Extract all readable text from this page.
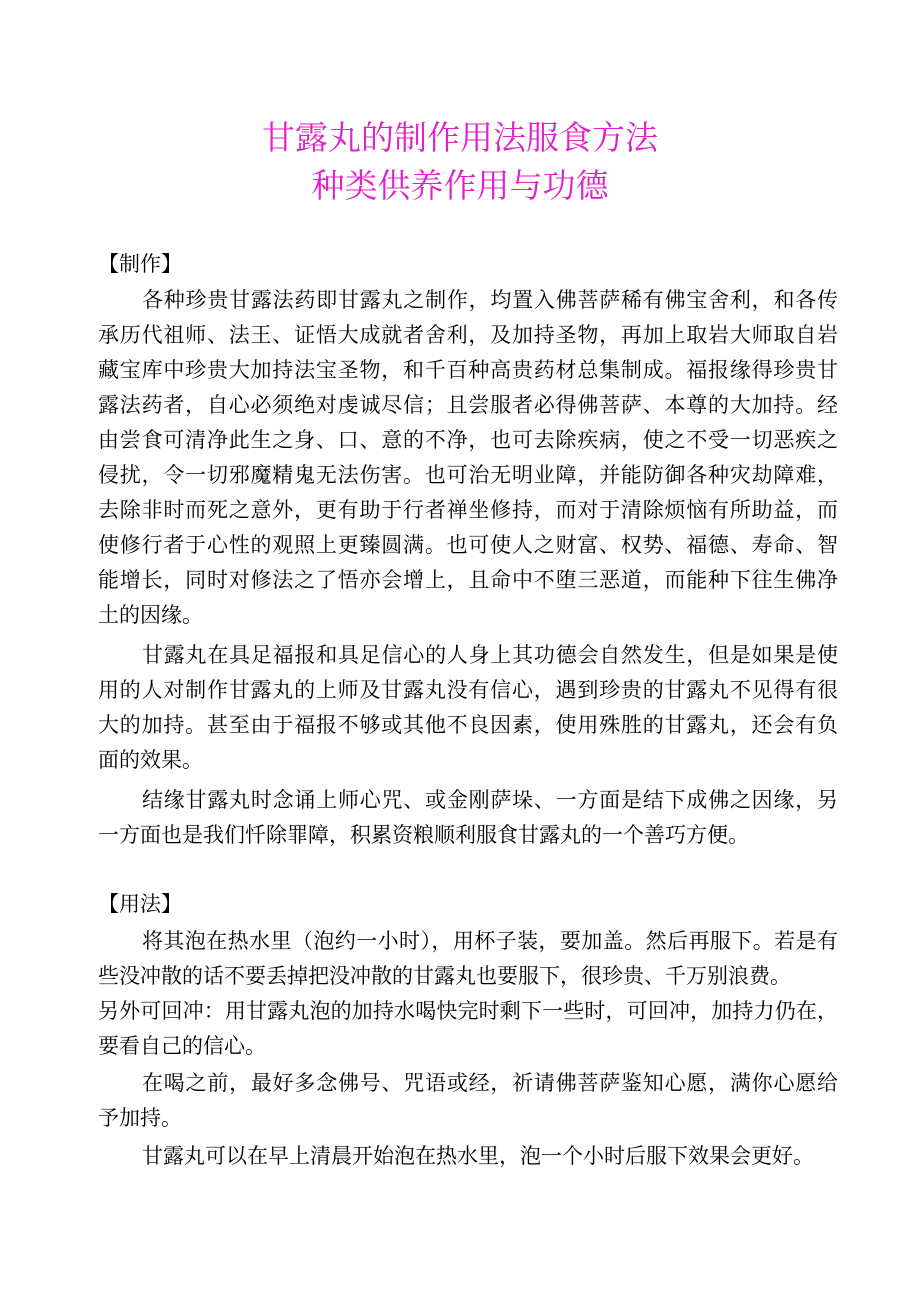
甘露丸的制作用法服食方法
种类供养作用与功德
【制作】
各种珍贵甘露法药即甘露丸之制作，均置入佛菩萨稀有佛宝舍利，和各传
承历代祖师、法王、证悟大成就者舍利，及加持圣物，再加上取岩大师取自岩
藏宝库中珍贵大加持法宝圣物，和千百种高贵药材总集制成。福报缘得珍贵甘
露法药者，自心必须绝对虔诚尽信；且尝服者必得佛菩萨、本尊的大加持。经
由尝食可清净此生之身、口、意的不净，也可去除疾病，使之不受一切恶疾之
侵扰，令一切邪魔精鬼无法伤害。也可治无明业障，并能防御各种灾劫障难，
去除非时而死之意外，更有助于行者禅坐修持，而对于清除烦恼有所助益，而
使修行者于心性的观照上更臻圆满。也可使人之财富、权势、福德、寿命、智
能增长，同时对修法之了悟亦会增上，且命中不堕三恶道，而能种下往生佛净
土的因缘。
甘露丸在具足福报和具足信心的人身上其功德会自然发生，但是如果是使
用的人对制作甘露丸的上师及甘露丸没有信心，遇到珍贵的甘露丸不见得有很
大的加持。甚至由于福报不够或其他不良因素，使用殊胜的甘露丸，还会有负
面的效果。
结缘甘露丸时念诵上师心咒、或金刚萨垛、一方面是结下成佛之因缘，另
一方面也是我们忏除罪障，积累资粮顺利服食甘露丸的一个善巧方便。
【用法】
将其泡在热水里（泡约一小时），用杯子装，要加盖。然后再服下。若是有
些没冲散的话不要丢掉把没冲散的甘露丸也要服下，很珍贵、千万别浪费。
另外可回冲：用甘露丸泡的加持水喝快完时剩下一些时，可回冲，加持力仍在，
要看自己的信心。
在喝之前，最好多念佛号、咒语或经，祈请佛菩萨鉴知心愿，满你心愿给
予加持。
甘露丸可以在早上清晨开始泡在热水里，泡一个小时后服下效果会更好。
